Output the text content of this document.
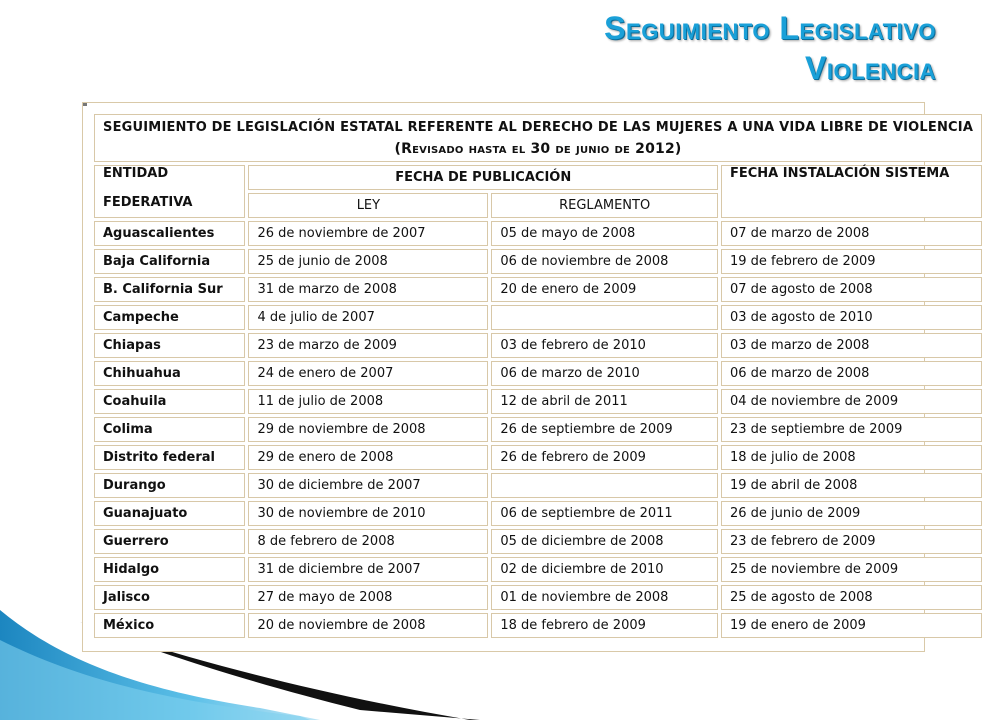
Seguimiento Legislativo
Violencia
SEGUIMIENTO DE LEGISLACIÓN ESTATAL REFERENTE AL DERECHO DE LAS MUJERES A UNA VIDA LIBRE DE VIOLENCIA
(Revisado hasta el 30 de junio de 2012)			

ENTIDAD
FEDERATIVA	FECHA DE PUBLICACIÓN		FECHA INSTALACIÓN SISTEMA
	LEY	REGLAMENTO	
Aguascalientes	26 de noviembre de 2007	05 de mayo de 2008	07 de marzo de 2008
Baja California	25 de junio de 2008	06 de noviembre de 2008	19 de febrero de 2009
B. California Sur	31 de marzo de 2008	20 de enero de 2009	07 de agosto de 2008
Campeche	4 de julio de 2007		03 de agosto de 2010
Chiapas	23 de marzo de 2009	03 de febrero de 2010	03 de marzo de 2008
Chihuahua	24 de enero de 2007	06 de marzo de 2010	06 de marzo de 2008
Coahuila	11 de julio de 2008	12 de abril de 2011	04 de noviembre de 2009
Colima	29 de noviembre de 2008	26 de septiembre de 2009	23 de septiembre de 2009
Distrito federal	29 de enero de 2008	26 de febrero de 2009	18 de julio de 2008
Durango	30 de diciembre de 2007		19 de abril de 2008
Guanajuato	30 de noviembre de 2010	06 de septiembre de 2011	26 de junio de 2009
Guerrero	8 de febrero de 2008	05 de diciembre de 2008	23 de febrero de 2009
Hidalgo	31 de diciembre de 2007	02 de diciembre de 2010	25 de noviembre de 2009
Jalisco	27 de mayo de 2008	01 de noviembre de 2008	25 de agosto de 2008
México	20 de noviembre de 2008	18 de febrero de 2009	19 de enero de 2009
